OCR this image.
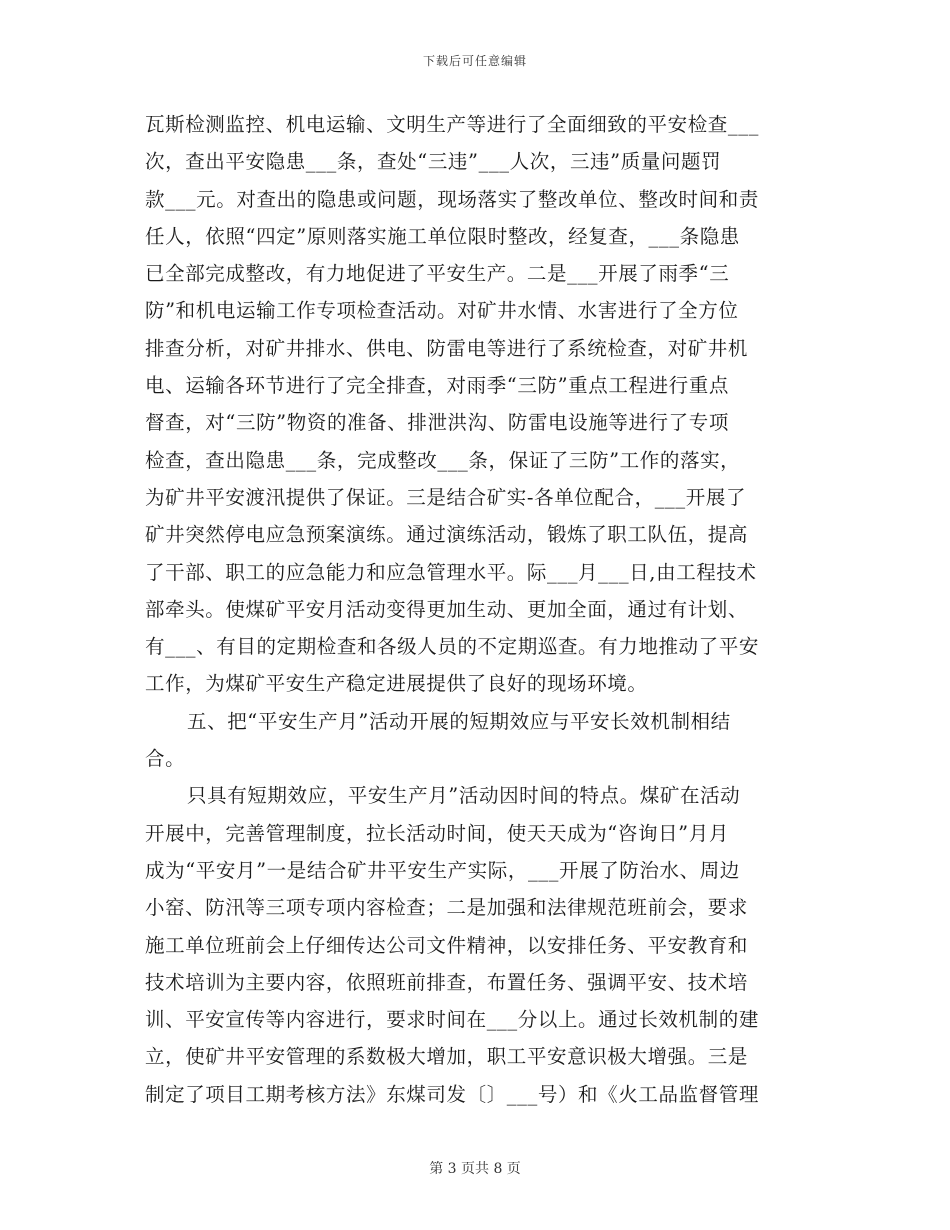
下载后可任意编辑
瓦斯检测监控、机电运输、文明生产等进行了全面细致的平安检查___
次，查出平安隐患___条，查处“三违”___人次，三违”质量问题罚
款___元。对查出的隐患或问题，现场落实了整改单位、整改时间和责
任人，依照“四定”原则落实施工单位限时整改，经复查，___条隐患
已全部完成整改，有力地促进了平安生产。二是___开展了雨季“三
防”和机电运输工作专项检查活动。对矿井水情、水害进行了全方位
排查分析，对矿井排水、供电、防雷电等进行了系统检查，对矿井机
电、运输各环节进行了完全排查，对雨季“三防”重点工程进行重点
督查，对“三防”物资的准备、排泄洪沟、防雷电设施等进行了专项
检查，查出隐患___条，完成整改___条，保证了三防”工作的落实，
为矿井平安渡汛提供了保证。三是结合矿实-各单位配合，___开展了
矿井突然停电应急预案演练。通过演练活动，锻炼了职工队伍，提高
了干部、职工的应急能力和应急管理水平。际___月___日,由工程技术
部牵头。使煤矿平安月活动变得更加生动、更加全面，通过有计划、
有___、有目的定期检查和各级人员的不定期巡查。有力地推动了平安
工作，为煤矿平安生产稳定进展提供了良好的现场环境。
五、把“平安生产月”活动开展的短期效应与平安长效机制相结
合。
只具有短期效应，平安生产月”活动因时间的特点。煤矿在活动
开展中，完善管理制度，拉长活动时间，使天天成为“咨询日”月月
成为“平安月”一是结合矿井平安生产实际，___开展了防治水、周边
小窑、防汛等三项专项内容检查；二是加强和法律规范班前会，要求
施工单位班前会上仔细传达公司文件精神，以安排任务、平安教育和
技术培训为主要内容，依照班前排查，布置任务、强调平安、技术培
训、平安宣传等内容进行，要求时间在___分以上。通过长效机制的建
立，使矿井平安管理的系数极大增加，职工平安意识极大增强。三是
制定了项目工期考核方法》东煤司发〔〕___号）和《火工品监督管理
第 3 页共 8 页
